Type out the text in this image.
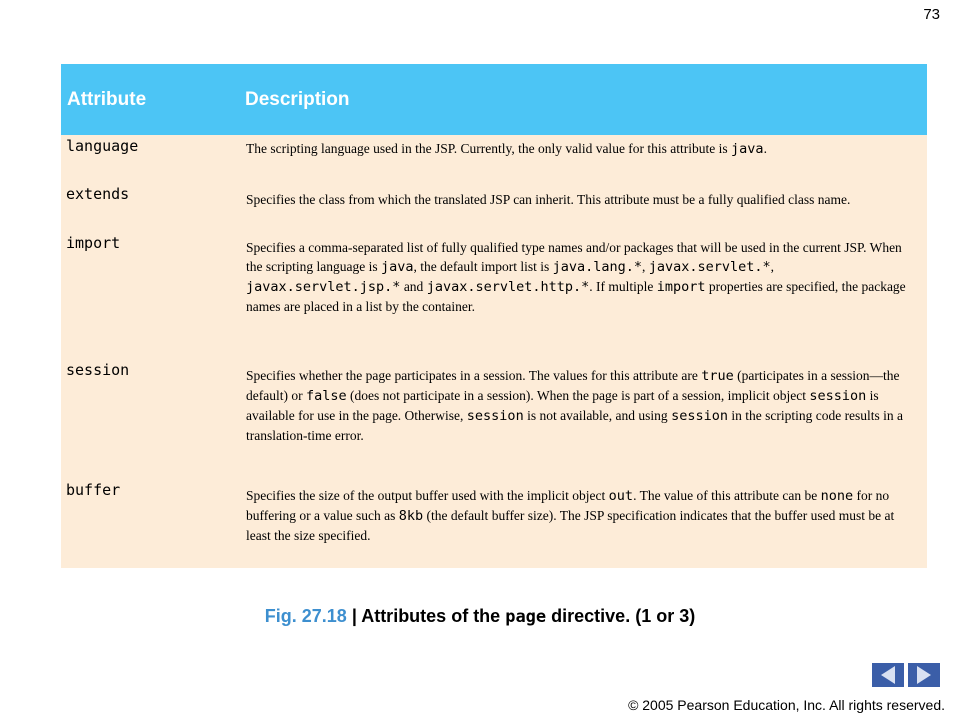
73
Attribute	Description

language	The scripting language used in the JSP. Currently, the only valid value for this attribute is java.

extends	Specifies the class from which the translated JSP can inherit. This attribute must be a fully qualified class name.

import	Specifies a comma-separated list of fully qualified type names and/or packages that will be used in the current JSP. When the scripting language is java, the default import list is java.lang.*, javax.servlet.*, javax.servlet.jsp.* and javax.servlet.http.*. If multiple import properties are specified, the package names are placed in a list by the container.

session	Specifies whether the page participates in a session. The values for this attribute are true (participates in a session—the default) or false (does not participate in a session). When the page is part of a session, implicit object session is available for use in the page. Otherwise, session is not available, and using session in the scripting code results in a translation-time error.

buffer	Specifies the size of the output buffer used with the implicit object out. The value of this attribute can be none for no buffering or a value such as 8kb (the default buffer size). The JSP specification indicates that the buffer used must be at least the size specified.
Fig. 27.18 | Attributes of the page directive. (1 or 3)
© 2005 Pearson Education, Inc. All rights reserved.
